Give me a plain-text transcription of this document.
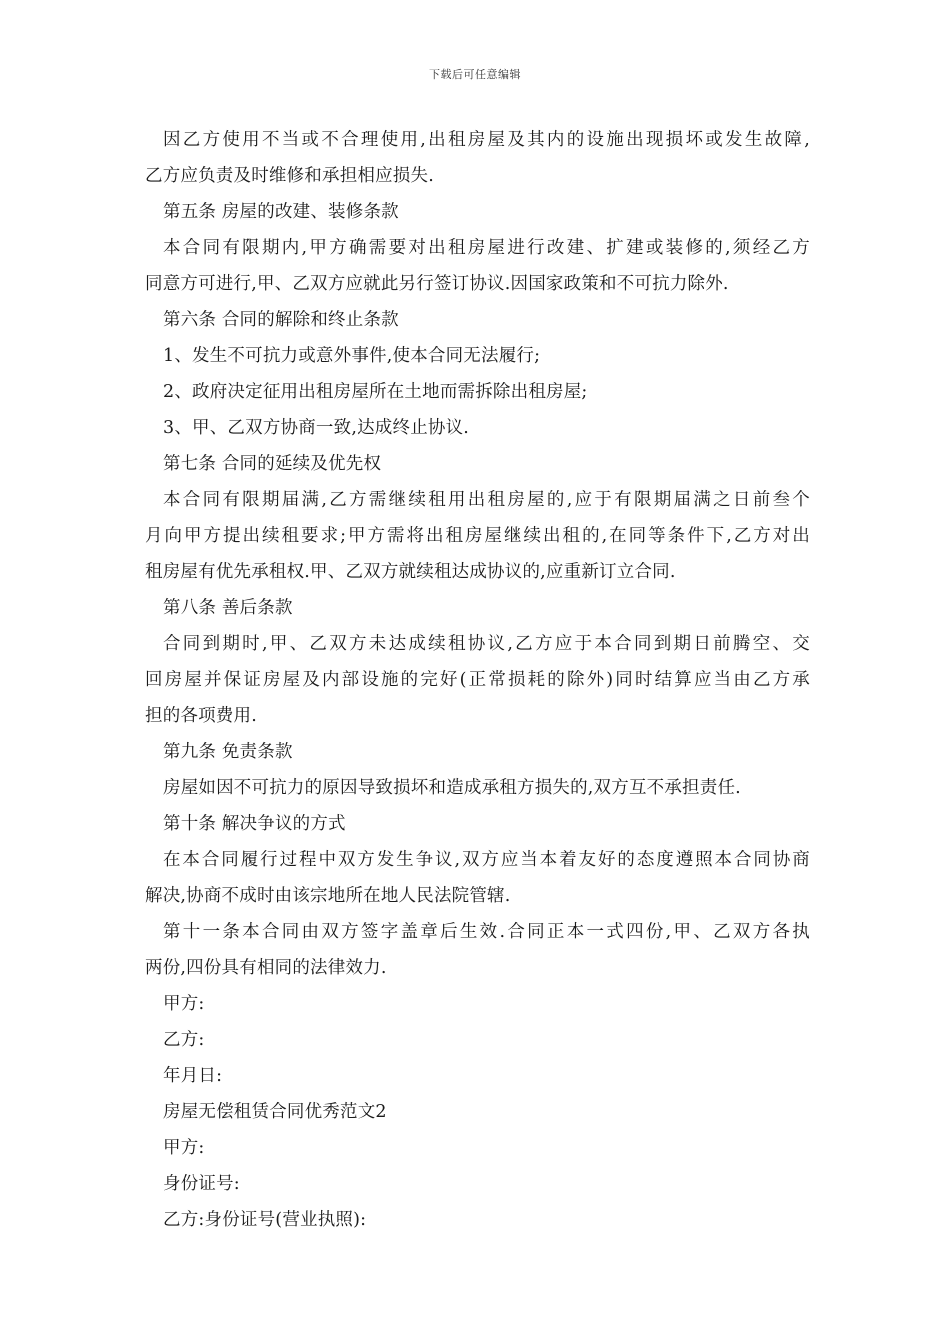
下载后可任意编辑
因乙方使用不当或不合理使用,出租房屋及其内的设施出现损坏或发生故障,
乙方应负责及时维修和承担相应损失.
第五条 房屋的改建、装修条款
本合同有限期内,甲方确需要对出租房屋进行改建、扩建或装修的,须经乙方
同意方可进行,甲、乙双方应就此另行签订协议.因国家政策和不可抗力除外.
第六条 合同的解除和终止条款
1、发生不可抗力或意外事件,使本合同无法履行;
2、政府决定征用出租房屋所在土地而需拆除出租房屋;
3、甲、乙双方协商一致,达成终止协议.
第七条 合同的延续及优先权
本合同有限期届满,乙方需继续租用出租房屋的,应于有限期届满之日前叁个
月向甲方提出续租要求;甲方需将出租房屋继续出租的,在同等条件下,乙方对出
租房屋有优先承租权.甲、乙双方就续租达成协议的,应重新订立合同.
第八条 善后条款
合同到期时,甲、乙双方未达成续租协议,乙方应于本合同到期日前腾空、交
回房屋并保证房屋及内部设施的完好(正常损耗的除外)同时结算应当由乙方承
担的各项费用.
第九条 免责条款
房屋如因不可抗力的原因导致损坏和造成承租方损失的,双方互不承担责任.
第十条 解决争议的方式
在本合同履行过程中双方发生争议,双方应当本着友好的态度遵照本合同协商
解决,协商不成时由该宗地所在地人民法院管辖.
第十一条本合同由双方签字盖章后生效.合同正本一式四份,甲、乙双方各执
两份,四份具有相同的法律效力.
甲方:
乙方:
年月日:
房屋无偿租赁合同优秀范文2
甲方:
身份证号:
乙方:身份证号(营业执照):
